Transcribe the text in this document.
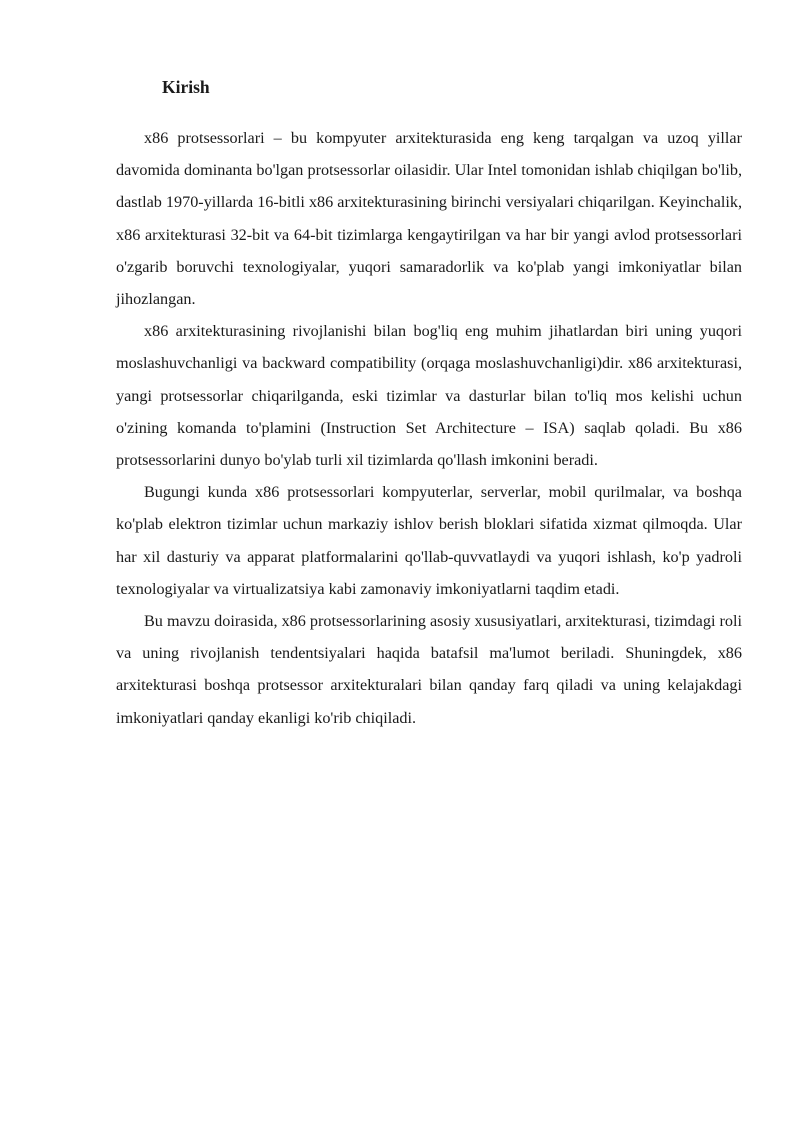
Kirish

x86 protsessorlari – bu kompyuter arxitekturasida eng keng tarqalgan va uzoq yillar davomida dominanta bo'lgan protsessorlar oilasidir. Ular Intel tomonidan ishlab chiqilgan bo'lib, dastlab 1970-yillarda 16-bitli x86 arxitekturasining birinchi versiyalari chiqarilgan. Keyinchalik, x86 arxitekturasi 32-bit va 64-bit tizimlarga kengaytirilgan va har bir yangi avlod protsessorlari o'zgarib boruvchi texnologiyalar, yuqori samaradorlik va ko'plab yangi imkoniyatlar bilan jihozlangan.

x86 arxitekturasining rivojlanishi bilan bog'liq eng muhim jihatlardan biri uning yuqori moslashuvchanligi va backward compatibility (orqaga moslashuvchanligi)dir. x86 arxitekturasi, yangi protsessorlar chiqarilganda, eski tizimlar va dasturlar bilan to'liq mos kelishi uchun o'zining komanda to'plamini (Instruction Set Architecture – ISA) saqlab qoladi. Bu x86 protsessorlarini dunyo bo'ylab turli xil tizimlarda qo'llash imkonini beradi.

Bugungi kunda x86 protsessorlari kompyuterlar, serverlar, mobil qurilmalar, va boshqa ko'plab elektron tizimlar uchun markaziy ishlov berish bloklari sifatida xizmat qilmoqda. Ular har xil dasturiy va apparat platformalarini qo'llab-quvvatlaydi va yuqori ishlash, ko'p yadroli texnologiyalar va virtualizatsiya kabi zamonaviy imkoniyatlarni taqdim etadi.

Bu mavzu doirasida, x86 protsessorlarining asosiy xususiyatlari, arxitekturasi, tizimdagi roli va uning rivojlanish tendentsiyalari haqida batafsil ma'lumot beriladi. Shuningdek, x86 arxitekturasi boshqa protsessor arxitekturalari bilan qanday farq qiladi va uning kelajakdagi imkoniyatlari qanday ekanligi ko'rib chiqiladi.
